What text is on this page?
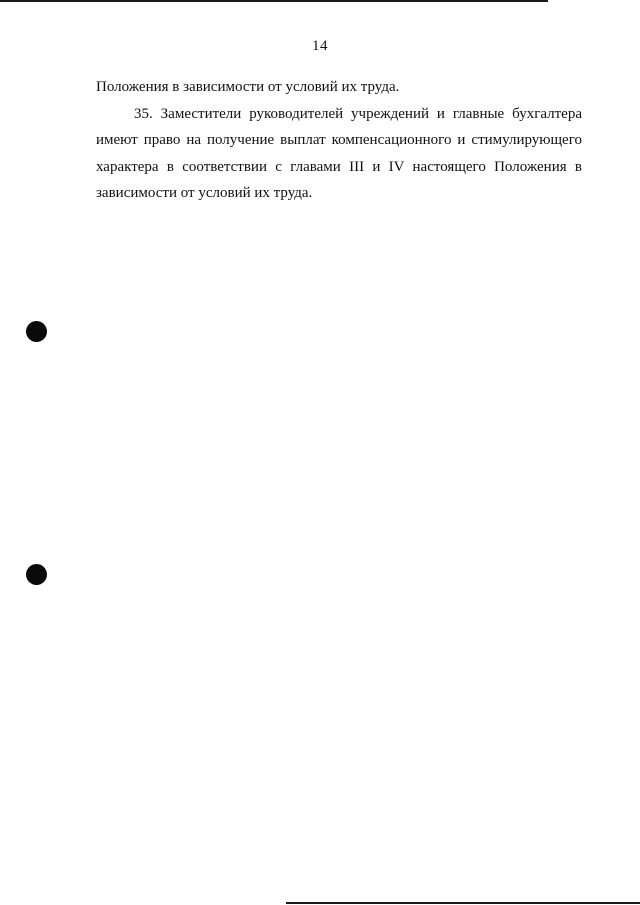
14
Положения в зависимости от условий их труда.
35. Заместители руководителей учреждений и главные бухгалтера
имеют право на получение выплат компенсационного и стимулирующего
характера в соответствии с главами III и IV настоящего Положения в
зависимости от условий их труда.
